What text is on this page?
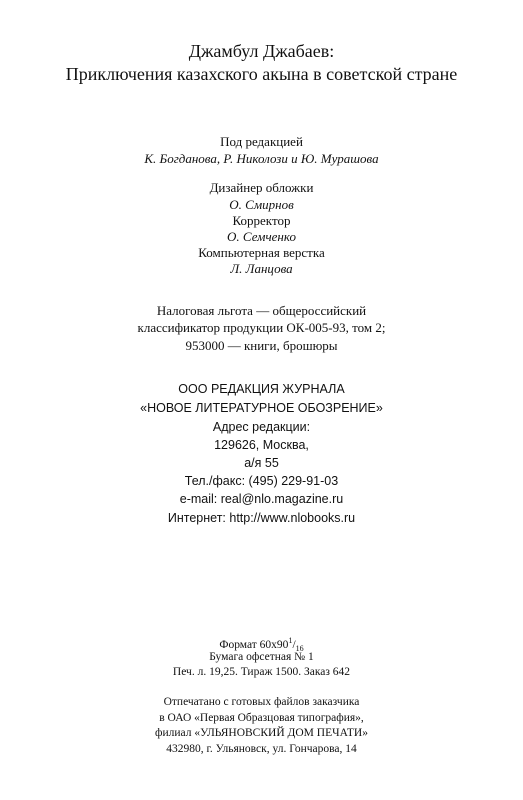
Джамбул Джабаев:
Приключения казахского акына в советской стране
Под редакцией
К. Богданова, Р. Николози и Ю. Мурашова
Дизайнер обложки
О. Смирнов
Корректор
О. Семченко
Компьютерная верстка
Л. Ланцова
Налоговая льгота — общероссийский
классификатор продукции ОК-005-93, том 2;
953000 — книги, брошюры
ООО РЕДАКЦИЯ ЖУРНАЛА
«НОВОЕ ЛИТЕРАТУРНОЕ ОБОЗРЕНИЕ»
Адрес редакции:
129626, Москва,
а/я 55
Тел./факс: (495) 229-91-03
e-mail: real@nlo.magazine.ru
Интернет: http://www.nlobooks.ru
Формат $60x90^1/_{16}$
Бумага офсетная № 1
Печ. л. 19,25. Тираж 1500. Заказ 642
Отпечатано с готовых файлов заказчика
в ОАО «Первая Образцовая типография»,
филиал «УЛЬЯНОВСКИЙ ДОМ ПЕЧАТИ»
432980, г. Ульяновск, ул. Гончарова, 14
